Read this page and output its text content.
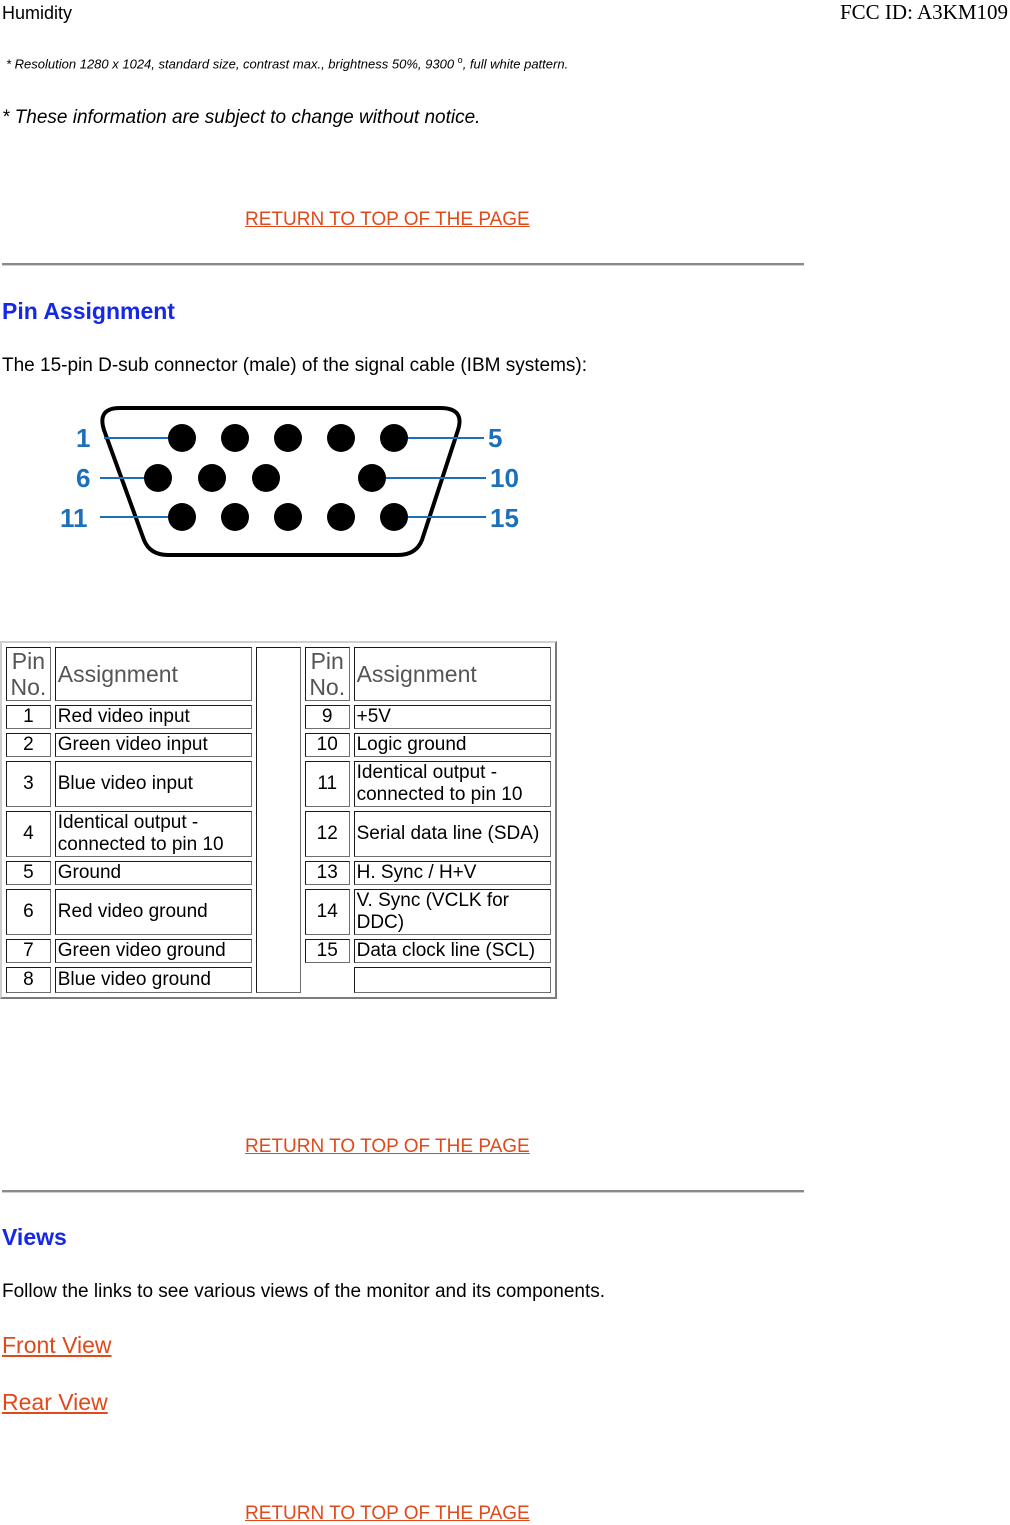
FCC ID: A3KM109
Humidity
* Resolution 1280 x 1024, standard size, contrast max., brightness 50%, 9300 $^o$, full white pattern.
* These information are subject to change without notice.
RETURN TO TOP OF THE PAGE
Pin Assignment
The 15-pin D-sub connector (male) of the signal cable (IBM systems):
1	5
6	10
11	15
Pin No.	Assignment		Pin No.	Assignment
1	Red video input		9	+5V
2	Green video input		10	Logic ground
3	Blue video input		11	Identical output - connected to pin 10
4	Identical output - connected to pin 10		12	Serial data line (SDA)
5	Ground		13	H. Sync / H+V
6	Red video ground		14	V. Sync (VCLK for DDC)
7	Green video ground		15	Data clock line (SCL)
8	Blue video ground			
RETURN TO TOP OF THE PAGE
Views
Follow the links to see various views of the monitor and its components.
Front View
Rear View
RETURN TO TOP OF THE PAGE
